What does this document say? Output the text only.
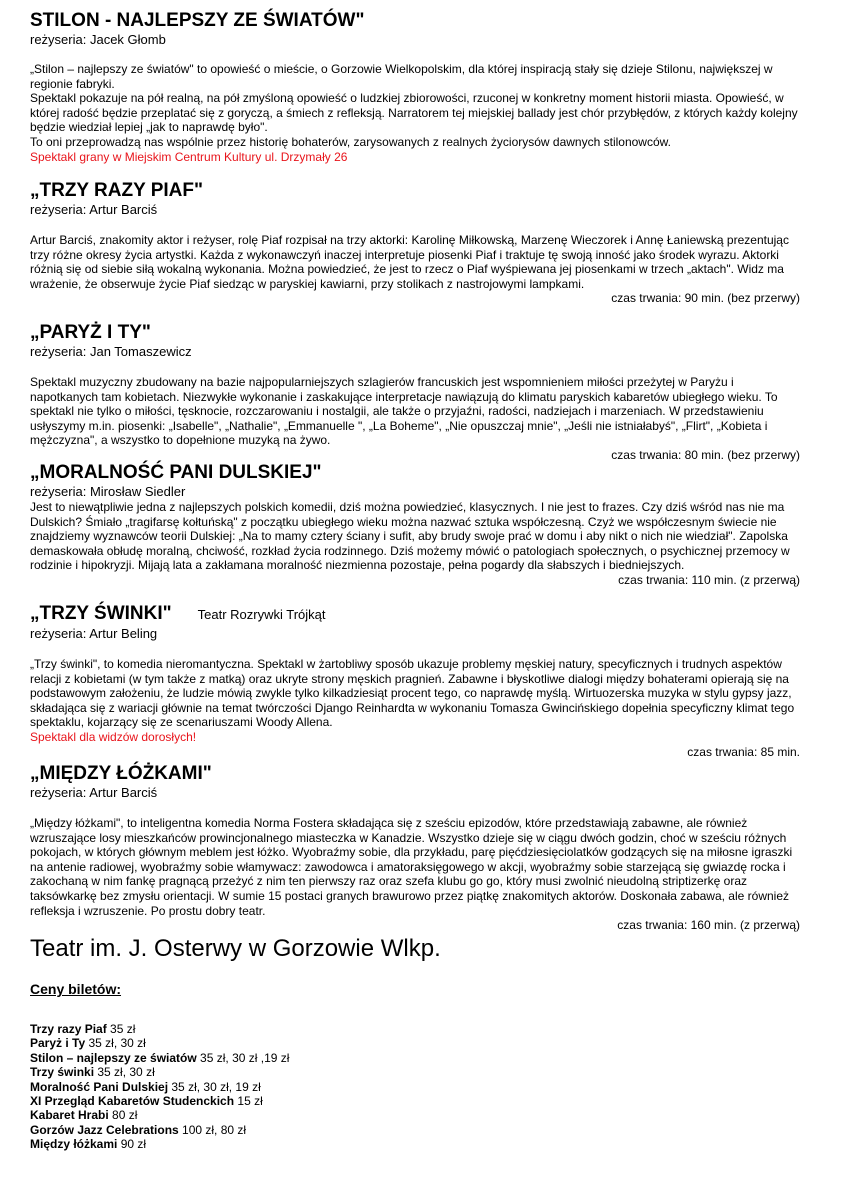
STILON - NAJLEPSZY ZE ŚWIATÓW"
reżyseria: Jacek Głomb

„Stilon – najlepszy ze światów" to opowieść o mieście, o Gorzowie Wielkopolskim, dla której inspiracją stały się dzieje Stilonu, największej w regionie fabryki.
Spektakl pokazuje na pół realną, na pół zmyśloną opowieść o ludzkiej zbiorowości, rzuconej w konkretny moment historii miasta. Opowieść, w której radość będzie przeplatać się z goryczą, a śmiech z refleksją. Narratorem tej miejskiej ballady jest chór przybłędów, z których każdy kolejny będzie wiedział lepiej „jak to naprawdę było".
To oni przeprowadzą nas wspólnie przez historię bohaterów, zarysowanych z realnych życiorysów dawnych stilonowców.

Spektakl grany w Miejskim Centrum Kultury ul. Drzymały 26
„TRZY RAZY PIAF"
reżyseria: Artur Barciś

Artur Barciś, znakomity aktor i reżyser, rolę Piaf rozpisał na trzy aktorki: Karolinę Miłkowską, Marzenę Wieczorek i Annę Łaniewską prezentując trzy różne okresy życia artystki. Każda z wykonawczyń inaczej interpretuje piosenki Piaf i traktuje tę swoją inność jako środek wyrazu. Aktorki różnią się od siebie siłą wokalną wykonania. Można powiedzieć, że jest to rzecz o Piaf wyśpiewana jej piosenkami w trzech „aktach". Widz ma wrażenie, że obserwuje życie Piaf siedząc w paryskiej kawiarni, przy stolikach z nastrojowymi lampkami.

czas trwania: 90 min. (bez przerwy)
„PARYŻ I TY"
reżyseria: Jan Tomaszewicz

Spektakl muzyczny zbudowany na bazie najpopularniejszych szlagierów francuskich jest wspomnieniem miłości przeżytej w Paryżu i napotkanych tam kobietach. Niezwykłe wykonanie i zaskakujące interpretacje nawiązują do klimatu paryskich kabaretów ubiegłego wieku. To spektakl nie tylko o miłości, tęsknocie, rozczarowaniu i nostalgii, ale także o przyjaźni, radości, nadziejach i marzeniach. W przedstawieniu usłyszymy m.in. piosenki: „Isabelle", „Nathalie", „Emmanuelle ", „La Boheme", „Nie opuszczaj mnie", „Jeśli nie istniałabyś", „Flirt", „Kobieta i mężczyzna", a wszystko to dopełnione muzyką na żywo.

czas trwania: 80 min. (bez przerwy)
„MORALNOŚĆ PANI DULSKIEJ"
reżyseria: Mirosław Siedler

Jest to niewątpliwie jedna z najlepszych polskich komedii, dziś można powiedzieć, klasycznych. I nie jest to frazes. Czy dziś wśród nas nie ma Dulskich? Śmiało „tragifarsę kołtuńską" z początku ubiegłego wieku można nazwać sztuka współczesną. Czyż we współczesnym świecie nie znajdziemy wyznawców teorii Dulskiej: „Na to mamy cztery ściany i sufit, aby brudy swoje prać w domu i aby nikt o nich nie wiedział". Zapolska demaskowała obłudę moralną, chciwość, rozkład życia rodzinnego. Dziś możemy mówić o patologiach społecznych, o psychicznej przemocy w rodzinie i hipokryzji. Mijają lata a zakłamana moralność niezmienna pozostaje, pełna pogardy dla słabszych i biedniejszych.

czas trwania: 110 min. (z przerwą)
„TRZY ŚWINKI" Teatr Rozrywki Trójkąt
reżyseria: Artur Beling

„Trzy świnki", to komedia nieromantyczna. Spektakl w żartobliwy sposób ukazuje problemy męskiej natury, specyficznych i trudnych aspektów relacji z kobietami (w tym także z matką) oraz ukryte strony męskich pragnień. Zabawne i błyskotliwe dialogi między bohaterami opierają się na podstawowym założeniu, że ludzie mówią zwykle tylko kilkadziesiąt procent tego, co naprawdę myślą. Wirtuozerska muzyka w stylu gypsy jazz, składająca się z wariacji głównie na temat twórczości Django Reinhardta w wykonaniu Tomasza Gwincińskiego dopełnia specyficzny klimat tego spektaklu, kojarzący się ze scenariuszami Woody Allena.

Spektakl dla widzów dorosłych!
czas trwania: 85 min.
„MIĘDZY ŁÓŻKAMI"
reżyseria: Artur Barciś

„Między łóżkami", to inteligentna komedia Norma Fostera składająca się z sześciu epizodów, które przedstawiają zabawne, ale również wzruszające losy mieszkańców prowincjonalnego miasteczka w Kanadzie. Wszystko dzieje się w ciągu dwóch godzin, choć w sześciu różnych pokojach, w których głównym meblem jest łóżko. Wyobraźmy sobie, dla przykładu, parę pięćdziesięciolatków godzących się na miłosne igraszki na antenie radiowej, wyobraźmy sobie włamywacz: zawodowca i amatoraksięgowego w akcji, wyobraźmy sobie starzejącą się gwiazdę rocka i zakochaną w nim fankę pragnącą przeżyć z nim ten pierwszy raz oraz szefa klubu go go, który musi zwolnić nieudolną striptizerkę oraz taksówkarkę bez zmysłu orientacji. W sumie 15 postaci granych brawurowo przez piątkę znakomitych aktorów. Doskonała zabawa, ale również refleksja i wzruszenie. Po prostu dobry teatr.

czas trwania: 160 min. (z przerwą)
Teatr im. J. Osterwy w Gorzowie Wlkp.
Ceny biletów:
Trzy razy Piaf 35 zł
Paryż i Ty 35 zł, 30 zł
Stilon – najlepszy ze światów 35 zł, 30 zł ,19 zł
Trzy świnki 35 zł, 30 zł
Moralność Pani Dulskiej 35 zł, 30 zł, 19 zł
XI Przegląd Kabaretów Studenckich 15 zł
Kabaret Hrabi 80 zł
Gorzów Jazz Celebrations 100 zł, 80 zł
Między łóżkami 90 zł
